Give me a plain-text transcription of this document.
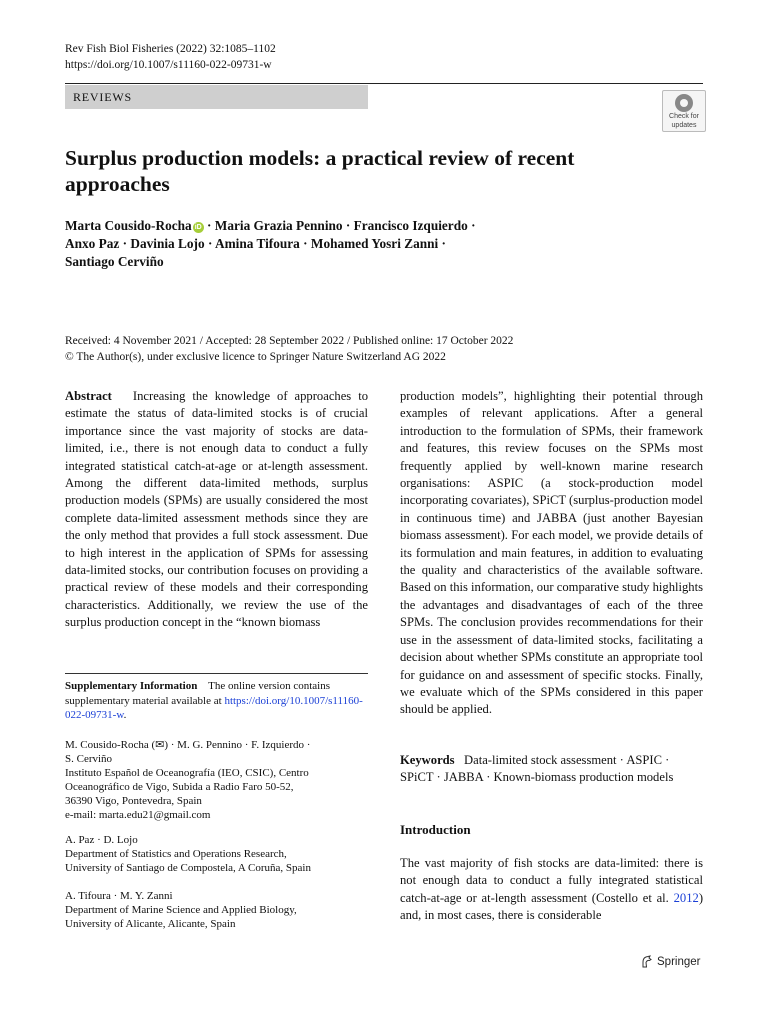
Rev Fish Biol Fisheries (2022) 32:1085–1102
https://doi.org/10.1007/s11160-022-09731-w
REVIEWS
Check for
updates
Surplus production models: a practical review of recent approaches
Marta Cousido-Rocha iD · Maria Grazia Pennino · Francisco Izquierdo ·
Anxo Paz · Davinia Lojo · Amina Tifoura · Mohamed Yosri Zanni ·
Santiago Cerviño
Received: 4 November 2021 / Accepted: 28 September 2022 / Published online: 17 October 2022
© The Author(s), under exclusive licence to Springer Nature Switzerland AG 2022
Abstract Increasing the knowledge of approaches to estimate the status of data-limited stocks is of crucial importance since the vast majority of stocks are data-limited, i.e., there is not enough data to conduct a fully integrated statistical catch-at-age or at-length assessment. Among the different data-limited methods, surplus production models (SPMs) are usually considered the most complete data-limited assessment methods since they are the only method that provides a full stock assessment. Due to high interest in the application of SPMs for assessing data-limited stocks, our contribution focuses on providing a practical review of these models and their corresponding characteristics. Additionally, we review the use of the surplus production concept in the “known biomass
production models”, highlighting their potential through examples of relevant applications. After a general introduction to the formulation of SPMs, their framework and features, this review focuses on the SPMs most frequently applied by well-known marine research organisations: ASPIC (a stock-production model incorporating covariates), SPiCT (surplus-production model in continuous time) and JABBA (just another Bayesian biomass assessment). For each model, we provide details of its formulation and main features, in addition to evaluating the quality and characteristics of the available software. Based on this information, our comparative study highlights the advantages and disadvantages of each of the three SPMs. The conclusion provides recommendations for their use in the assessment of data-limited stocks, facilitating a decision about whether SPMs constitute an appropriate tool for guidance on and assessment of specific stocks. Finally, we evaluate which of the SPMs considered in this paper should be applied.
Supplementary Information The online version contains supplementary material available at https://doi.org/10.1007/s11160-022-09731-w.
M. Cousido-Rocha (✉) · M. G. Pennino · F. Izquierdo ·
S. Cerviño
Instituto Español de Oceanografía (IEO, CSIC), Centro
Oceanográfico de Vigo, Subida a Radio Faro 50-52,
36390 Vigo, Pontevedra, Spain
e-mail: marta.edu21@gmail.com
A. Paz · D. Lojo
Department of Statistics and Operations Research,
University of Santiago de Compostela, A Coruña, Spain
A. Tifoura · M. Y. Zanni
Department of Marine Science and Applied Biology,
University of Alicante, Alicante, Spain
Keywords Data-limited stock assessment · ASPIC · SPiCT · JABBA · Known-biomass production models
Introduction
The vast majority of fish stocks are data-limited: there is not enough data to conduct a fully integrated statistical catch-at-age or at-length assessment (Costello et al. 2012) and, in most cases, there is considerable
Springer
